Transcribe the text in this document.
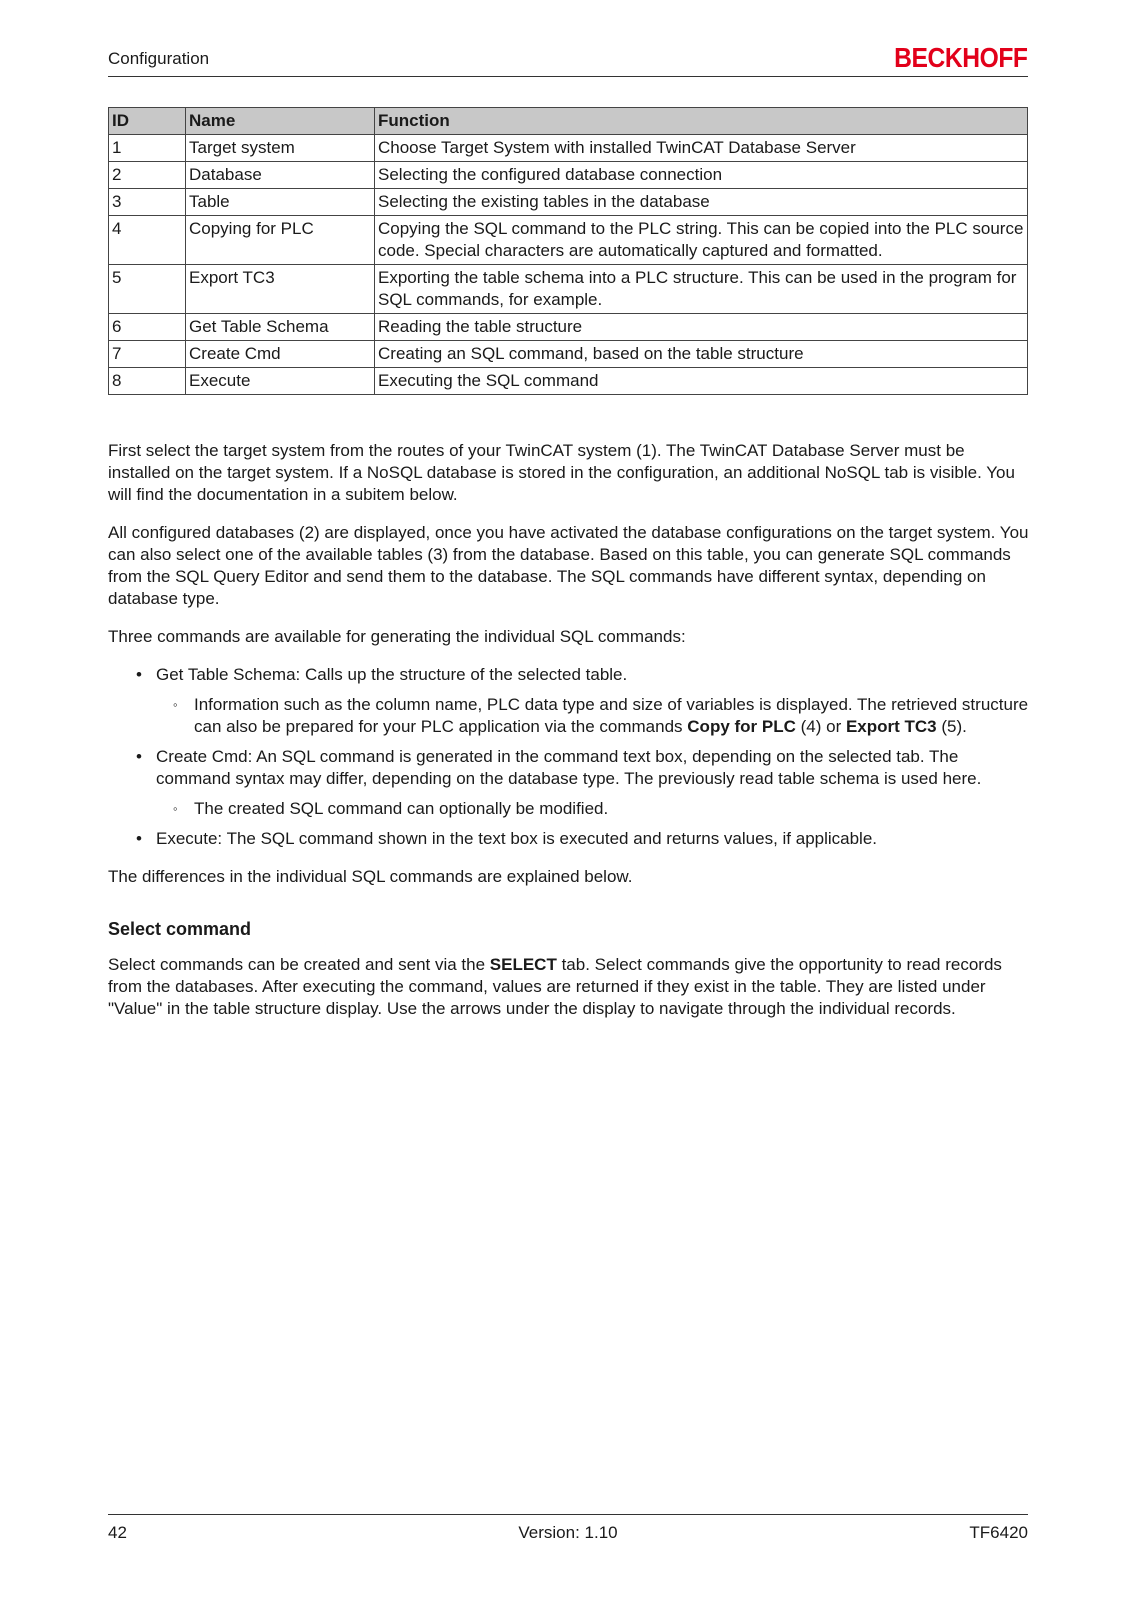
Configuration	BECKHOFF
ID	Name	Function
1	Target system	Choose Target System with installed TwinCAT Database Server
2	Database	Selecting the configured database connection
3	Table	Selecting the existing tables in the database
4	Copying for PLC	Copying the SQL command to the PLC string. This can be copied into the PLC source code. Special characters are automatically captured and formatted.
5	Export TC3	Exporting the table schema into a PLC structure. This can be used in the program for SQL commands, for example.
6	Get Table Schema	Reading the table structure
7	Create Cmd	Creating an SQL command, based on the table structure
8	Execute	Executing the SQL command

First select the target system from the routes of your TwinCAT system (1). The TwinCAT Database Server must be installed on the target system. If a NoSQL database is stored in the configuration, an additional NoSQL tab is visible. You will find the documentation in a subitem below.

All configured databases (2) are displayed, once you have activated the database configurations on the target system. You can also select one of the available tables (3) from the database. Based on this table, you can generate SQL commands from the SQL Query Editor and send them to the database. The SQL commands have different syntax, depending on database type.

Three commands are available for generating the individual SQL commands:

• Get Table Schema: Calls up the structure of the selected table.
◦ Information such as the column name, PLC data type and size of variables is displayed. The retrieved structure can also be prepared for your PLC application via the commands Copy for PLC (4) or Export TC3 (5).
• Create Cmd: An SQL command is generated in the command text box, depending on the selected tab. The command syntax may differ, depending on the database type. The previously read table schema is used here.
◦ The created SQL command can optionally be modified.
• Execute: The SQL command shown in the text box is executed and returns values, if applicable.

The differences in the individual SQL commands are explained below.

Select command

Select commands can be created and sent via the SELECT tab. Select commands give the opportunity to read records from the databases. After executing the command, values are returned if they exist in the table. They are listed under "Value" in the table structure display. Use the arrows under the display to navigate through the individual records.

42	Version: 1.10	TF6420
